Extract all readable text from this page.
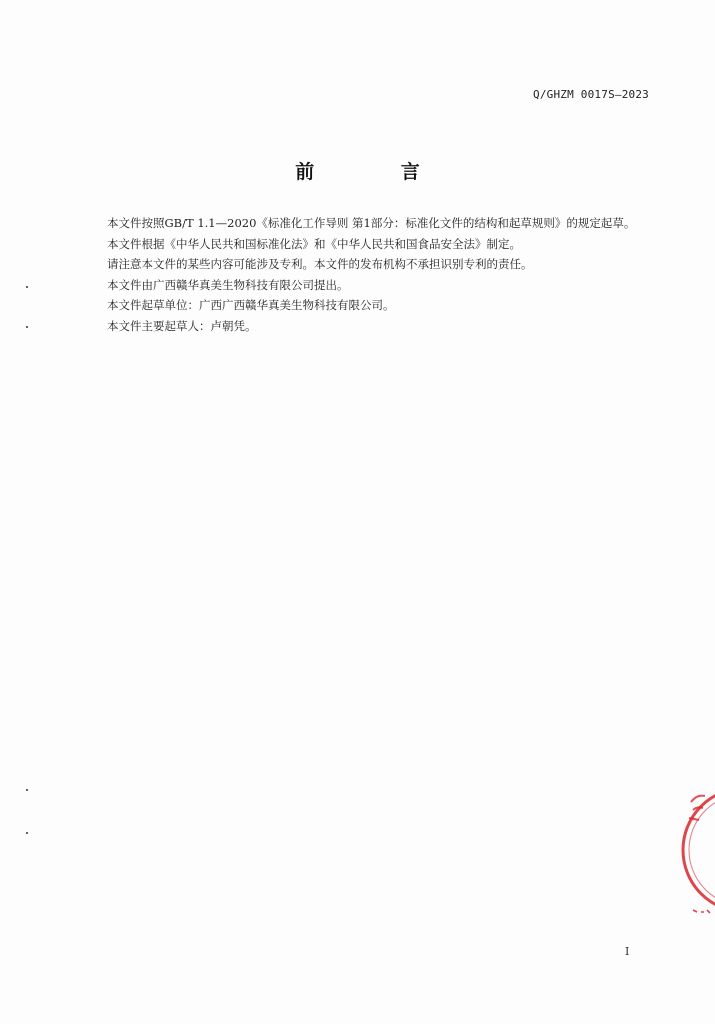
Q/GHZM 0017S—2023
前 言

本文件按照GB/T 1.1—2020《标准化工作导则 第1部分：标准化文件的结构和起草规则》的规定起草。

本文件根据《中华人民共和国标准化法》和《中华人民共和国食品安全法》制定。

请注意本文件的某些内容可能涉及专利。本文件的发布机构不承担识别专利的责任。

本文件由广西赣华真美生物科技有限公司提出。

本文件起草单位：广西广西赣华真美生物科技有限公司。

本文件主要起草人：卢朝凭。

I
